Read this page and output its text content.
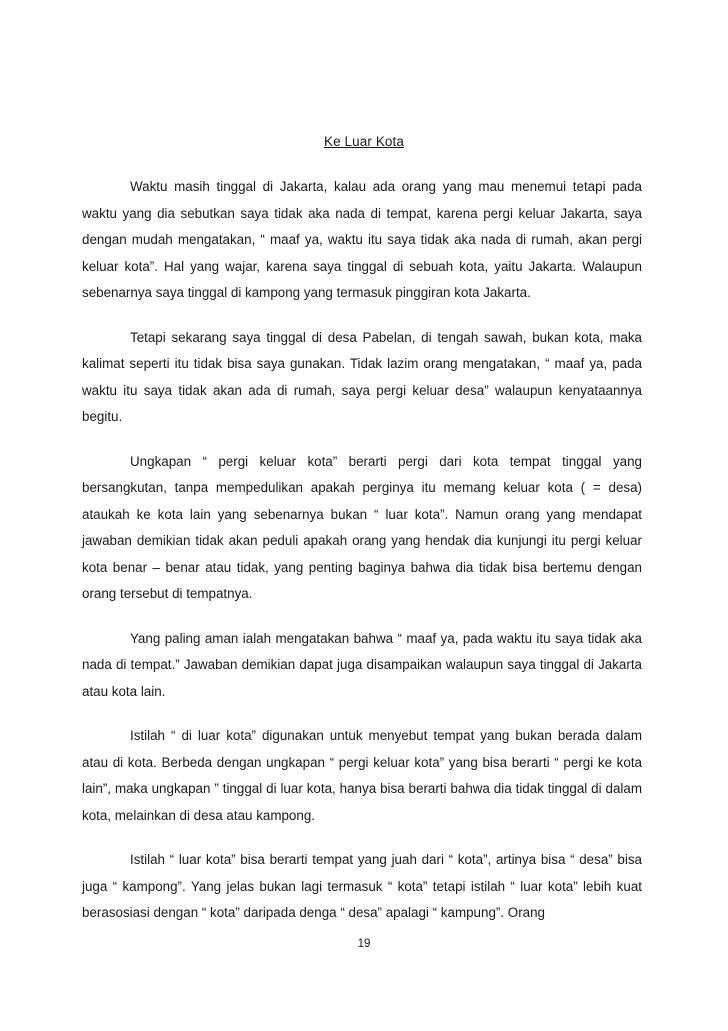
Ke Luar Kota

Waktu masih tinggal di Jakarta, kalau ada orang yang mau menemui tetapi pada waktu yang dia sebutkan saya tidak aka nada di tempat, karena pergi keluar Jakarta, saya dengan mudah mengatakan, “ maaf ya, waktu itu saya tidak aka nada di rumah, akan pergi keluar kota”. Hal yang wajar, karena saya tinggal di sebuah kota, yaitu Jakarta. Walaupun sebenarnya saya tinggal di kampong yang termasuk pinggiran kota Jakarta.

Tetapi sekarang saya tinggal di desa Pabelan, di tengah sawah, bukan kota, maka kalimat seperti itu tidak bisa saya gunakan. Tidak lazim orang mengatakan, “ maaf ya, pada waktu itu saya tidak akan ada di rumah, saya pergi keluar desa” walaupun kenyataannya begitu.

Ungkapan “ pergi keluar kota” berarti pergi dari kota tempat tinggal yang bersangkutan, tanpa mempedulikan apakah perginya itu memang keluar kota ( = desa) ataukah ke kota lain yang sebenarnya bukan “ luar kota”. Namun orang yang mendapat jawaban demikian tidak akan peduli apakah orang yang hendak dia kunjungi itu pergi keluar kota benar – benar atau tidak, yang penting baginya bahwa dia tidak bisa bertemu dengan orang tersebut di tempatnya.

Yang paling aman ialah mengatakan bahwa “ maaf ya, pada waktu itu saya tidak aka nada di tempat.” Jawaban demikian dapat juga disampaikan walaupun saya tinggal di Jakarta atau kota lain.

Istilah “ di luar kota” digunakan untuk menyebut tempat yang bukan berada dalam atau di kota. Berbeda dengan ungkapan “ pergi keluar kota” yang bisa berarti “ pergi ke kota lain”, maka ungkapan ” tinggal di luar kota, hanya bisa berarti bahwa dia tidak tinggal di dalam kota, melainkan di desa atau kampong.

Istilah “ luar kota” bisa berarti tempat yang juah dari “ kota”, artinya bisa “ desa” bisa juga “ kampong”. Yang jelas bukan lagi termasuk “ kota” tetapi istilah “ luar kota” lebih kuat berasosiasi dengan “ kota” daripada denga “ desa” apalagi “ kampung”. Orang

19
